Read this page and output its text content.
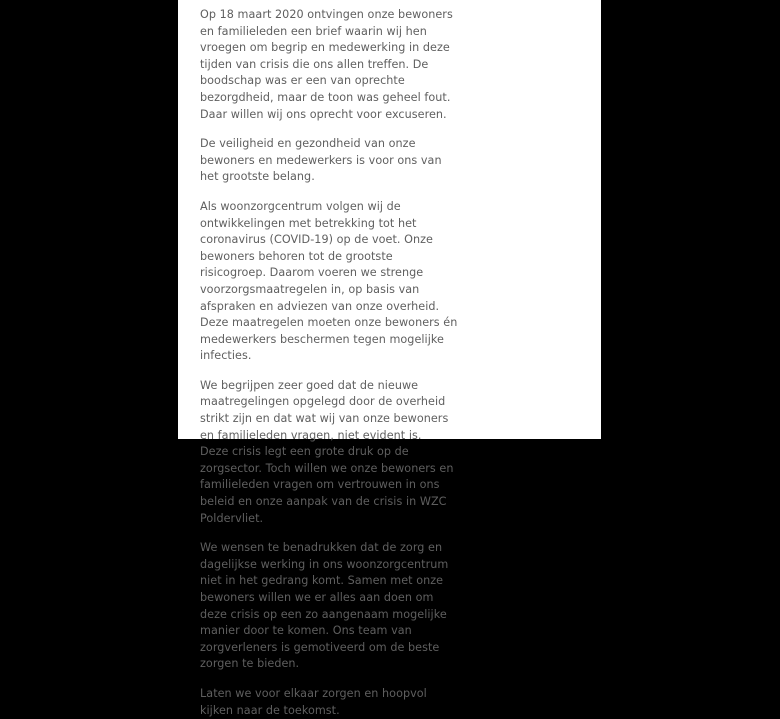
Op 18 maart 2020 ontvingen onze bewoners en familieleden een brief waarin wij hen vroegen om begrip en medewerking in deze tijden van crisis die ons allen treffen. De boodschap was er een van oprechte bezorgdheid, maar de toon was geheel fout. Daar willen wij ons oprecht voor excuseren.

De veiligheid en gezondheid van onze bewoners en medewerkers is voor ons van het grootste belang.

Als woonzorgcentrum volgen wij de ontwikkelingen met betrekking tot het coronavirus (COVID-19) op de voet. Onze bewoners behoren tot de grootste risicogroep. Daarom voeren we strenge voorzorgsmaatregelen in, op basis van afspraken en adviezen van onze overheid. Deze maatregelen moeten onze bewoners én medewerkers beschermen tegen mogelijke infecties.

We begrijpen zeer goed dat de nieuwe maatregelingen opgelegd door de overheid strikt zijn en dat wat wij van onze bewoners en familieleden vragen, niet evident is.
Deze crisis legt een grote druk op de zorgsector. Toch willen we onze bewoners en familieleden vragen om vertrouwen in ons beleid en onze aanpak van de crisis in WZC Poldervliet.

We wensen te benadrukken dat de zorg en dagelijkse werking in ons woonzorgcentrum niet in het gedrang komt. Samen met onze bewoners willen we er alles aan doen om deze crisis op een zo aangenaam mogelijke manier door te komen. Ons team van zorgverleners is gemotiveerd om de beste zorgen te bieden.

Laten we voor elkaar zorgen en hoopvol kijken naar de toekomst.
